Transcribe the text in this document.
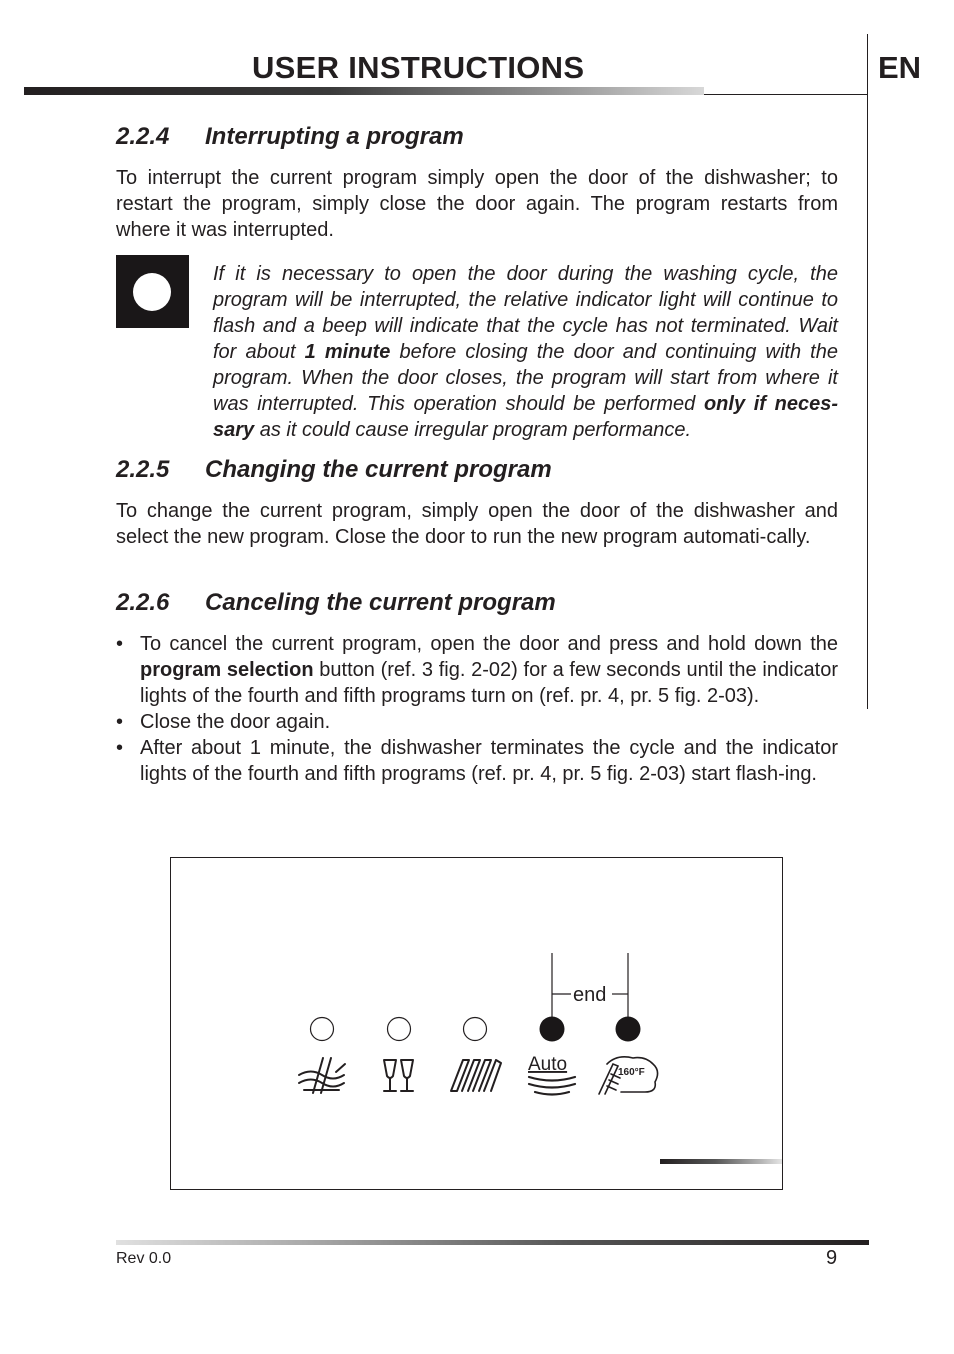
USER INSTRUCTIONS	EN
2.2.4 Interrupting a program

To interrupt the current program simply open the door of the dishwasher; to restart the program, simply close the door again. The program restarts from where it was interrupted.

If it is necessary to open the door during the washing cycle, the program will be interrupted, the relative indicator light will continue to flash and a beep will indicate that the cycle has not terminated. Wait for about 1 minute before closing the door and continuing with the program. When the door closes, the program will start from where it was interrupted. This operation should be performed only if neces-sary as it could cause irregular program performance.

2.2.5 Changing the current program

To change the current program, simply open the door of the dishwasher and select the new program. Close the door to run the new program automati-cally.

2.2.6 Canceling the current program
• To cancel the current program, open the door and press and hold down the program selection button (ref. 3 fig. 2-02) for a few seconds until the indicator lights of the fourth and fifth programs turn on (ref. pr. 4, pr. 5 fig. 2-03).
• Close the door again.
• After about 1 minute, the dishwasher terminates the cycle and the indicator lights of the fourth and fifth programs (ref. pr. 4, pr. 5 fig. 2-03) start flash-ing.
end
Auto	160°F
Rev 0.0	9
